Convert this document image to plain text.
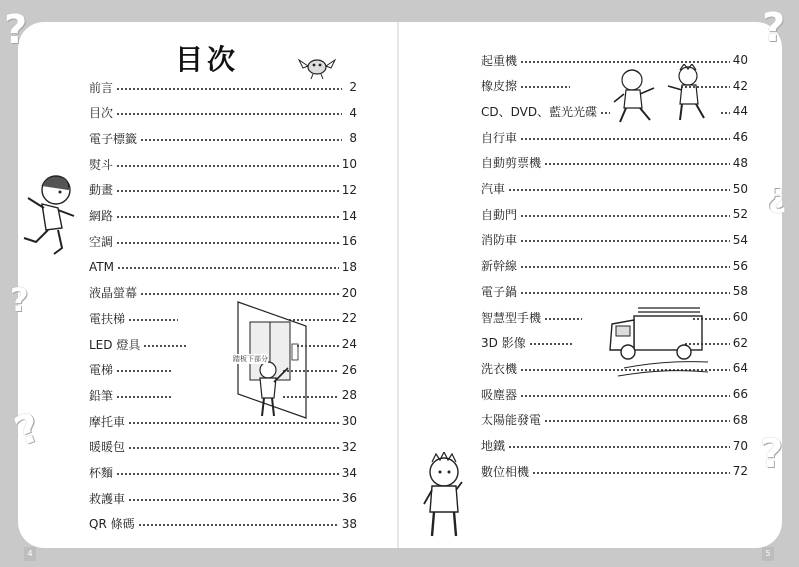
?
?
?
?
?
?
4	5
目次
踏板下部分
前言	2
目次	4
電子標籤	8
熨斗	10
動畫	12
網路	14
空調	16
ATM	18
液晶螢幕	20
電扶梯	22
LED 燈具	24
電梯	26
鉛筆	28
摩托車	30
暖暖包	32
杯麵	34
救護車	36
QR 條碼	38
起重機	40
橡皮擦	42
CD、DVD、藍光光碟	44
自行車	46
自動剪票機	48
汽車	50
自動門	52
消防車	54
新幹線	56
電子鍋	58
智慧型手機	60
3D 影像	62
洗衣機	64
吸塵器	66
太陽能發電	68
地鐵	70
數位相機	72
